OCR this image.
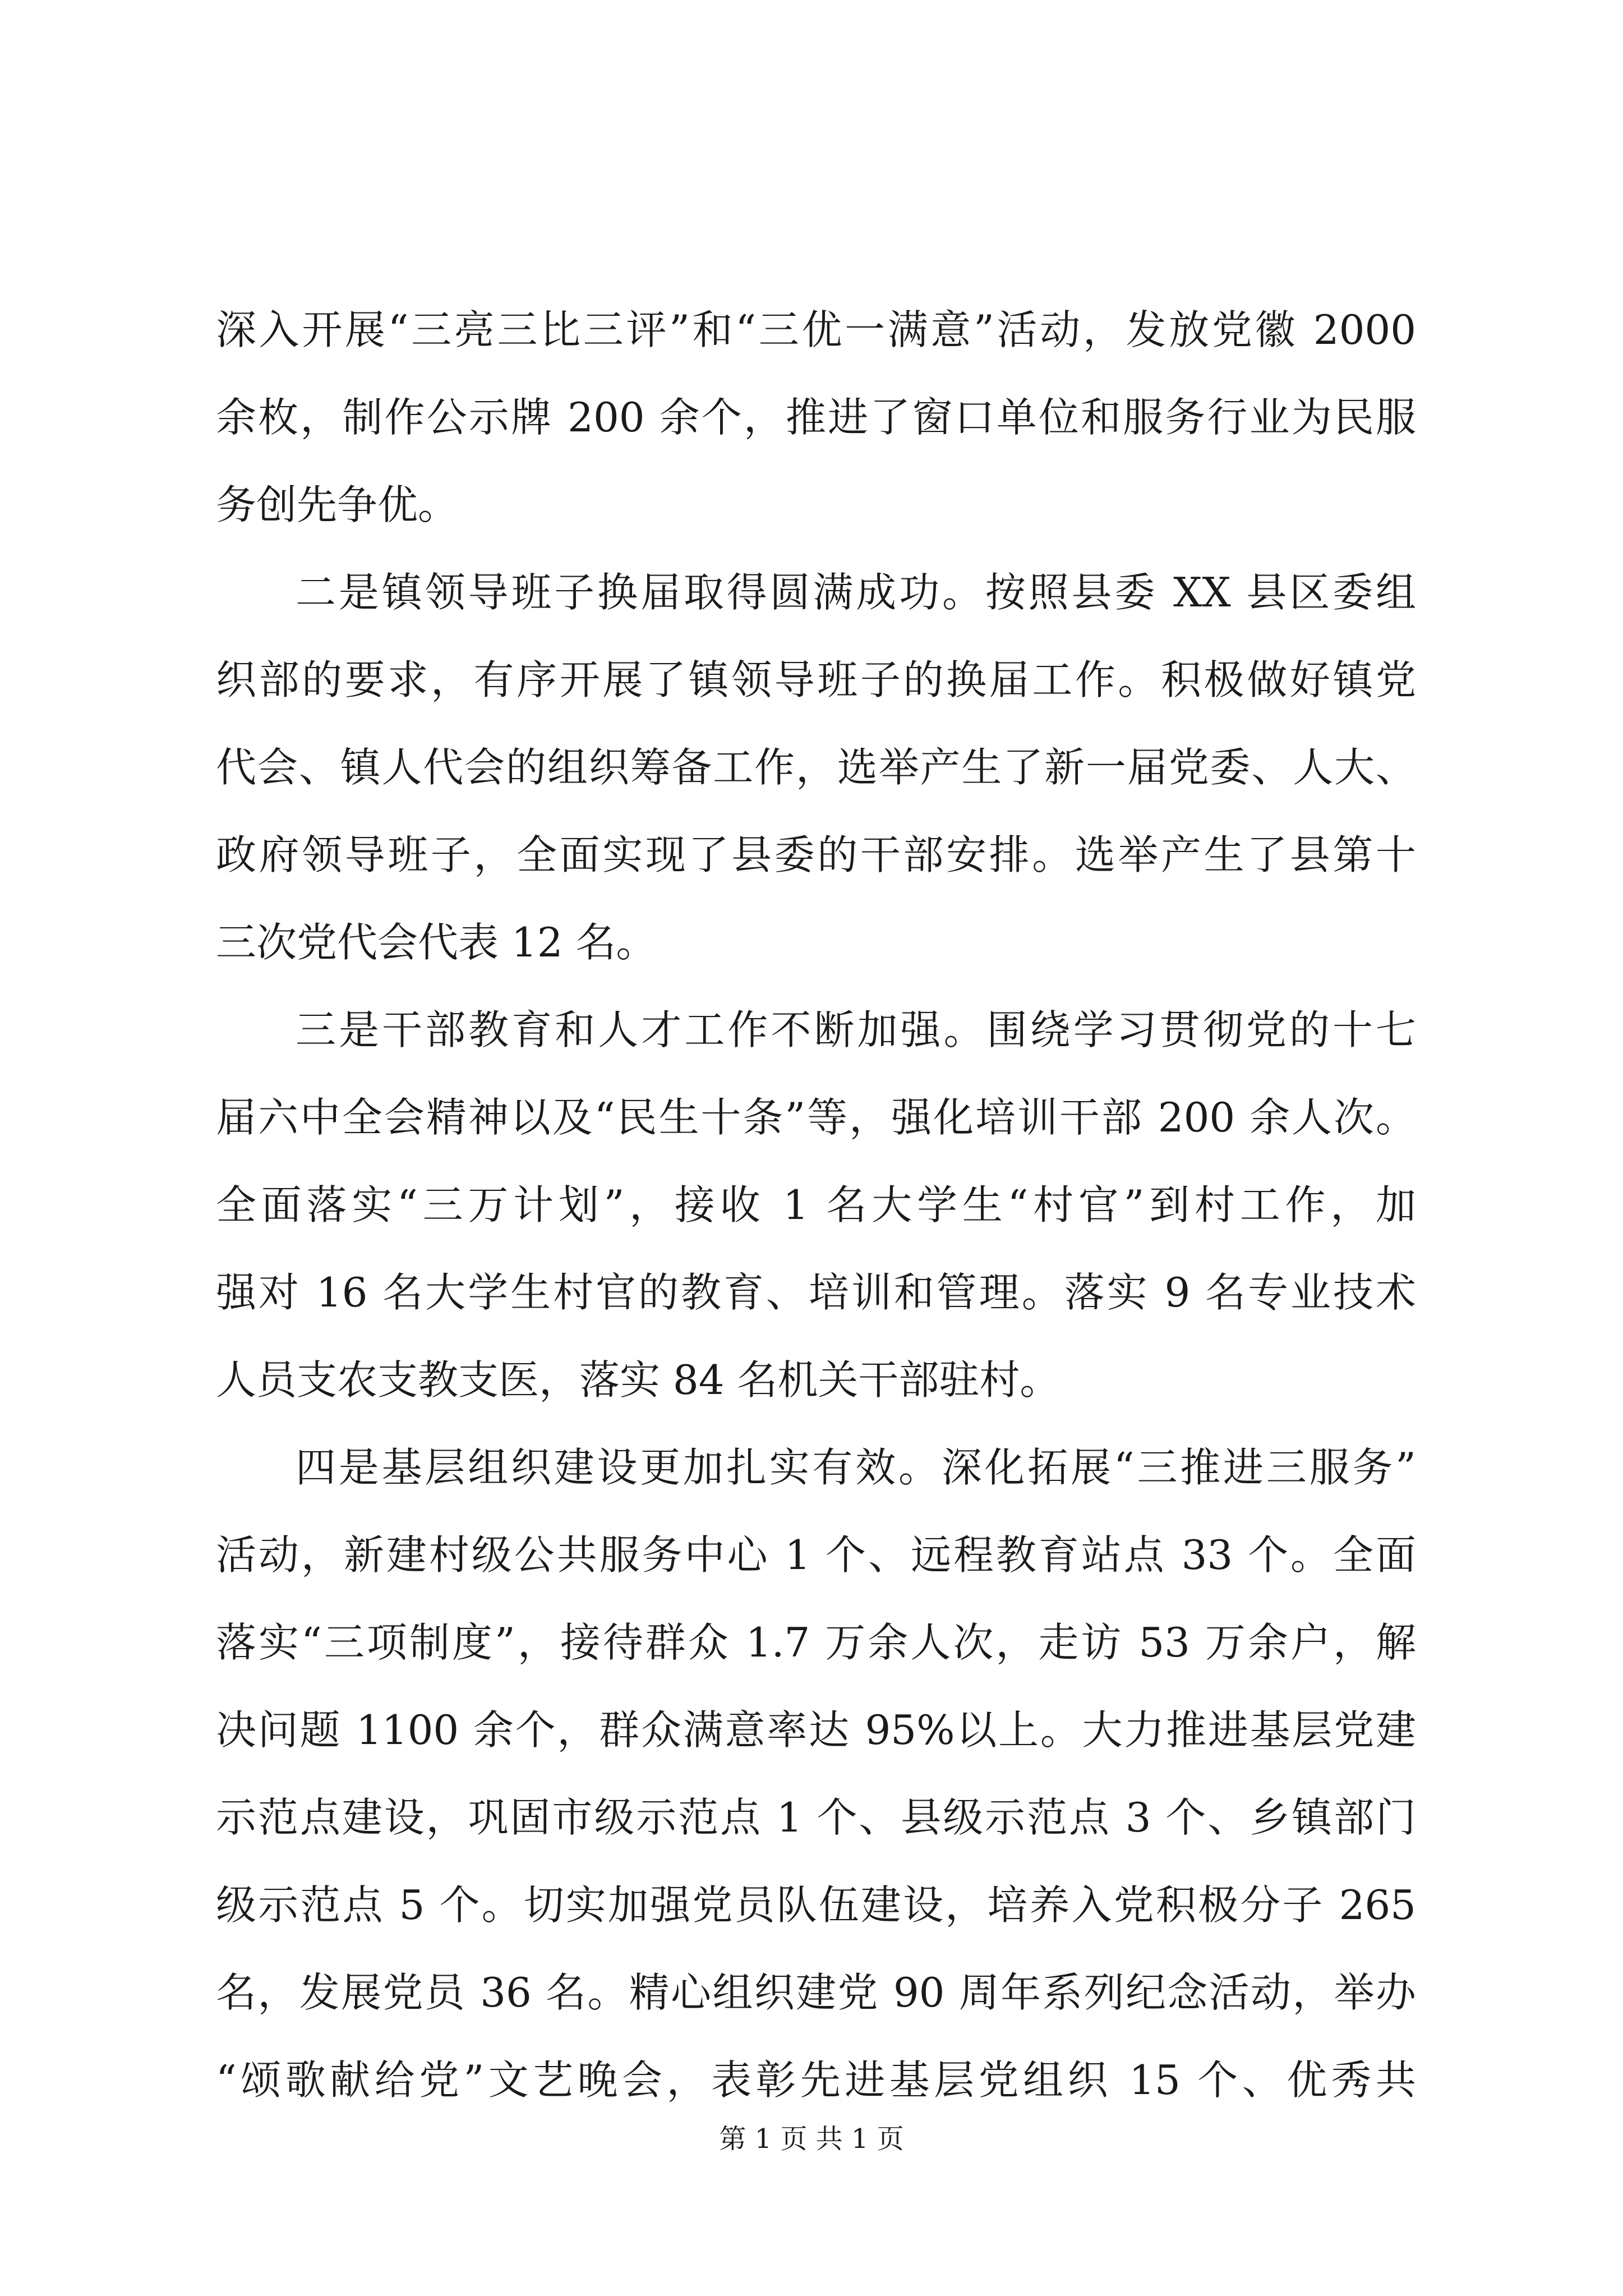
深入开展“三亮三比三评”和“三优一满意”活动，发放党徽 2000
余枚，制作公示牌 200 余个，推进了窗口单位和服务行业为民服
务创先争优。
二是镇领导班子换届取得圆满成功。按照县委 XX 县区委组
织部的要求，有序开展了镇领导班子的换届工作。积极做好镇党
代会、镇人代会的组织筹备工作，选举产生了新一届党委、人大、
政府领导班子，全面实现了县委的干部安排。选举产生了县第十
三次党代会代表 12 名。
三是干部教育和人才工作不断加强。围绕学习贯彻党的十七
届六中全会精神以及“民生十条”等，强化培训干部 200 余人次。
全面落实“三万计划”，接收 1 名大学生“村官”到村工作，加
强对 16 名大学生村官的教育、培训和管理。落实 9 名专业技术
人员支农支教支医，落实 84 名机关干部驻村。
四是基层组织建设更加扎实有效。深化拓展“三推进三服务”
活动，新建村级公共服务中心 1 个、远程教育站点 33 个。全面
落实“三项制度”，接待群众 1.7 万余人次，走访 53 万余户，解
决问题 1100 余个，群众满意率达 95%以上。大力推进基层党建
示范点建设，巩固市级示范点 1 个、县级示范点 3 个、乡镇部门
级示范点 5 个。切实加强党员队伍建设，培养入党积极分子 265
名，发展党员 36 名。精心组织建党 90 周年系列纪念活动，举办
“颂歌献给党”文艺晚会，表彰先进基层党组织 15 个、优秀共
第 1 页 共 1 页
